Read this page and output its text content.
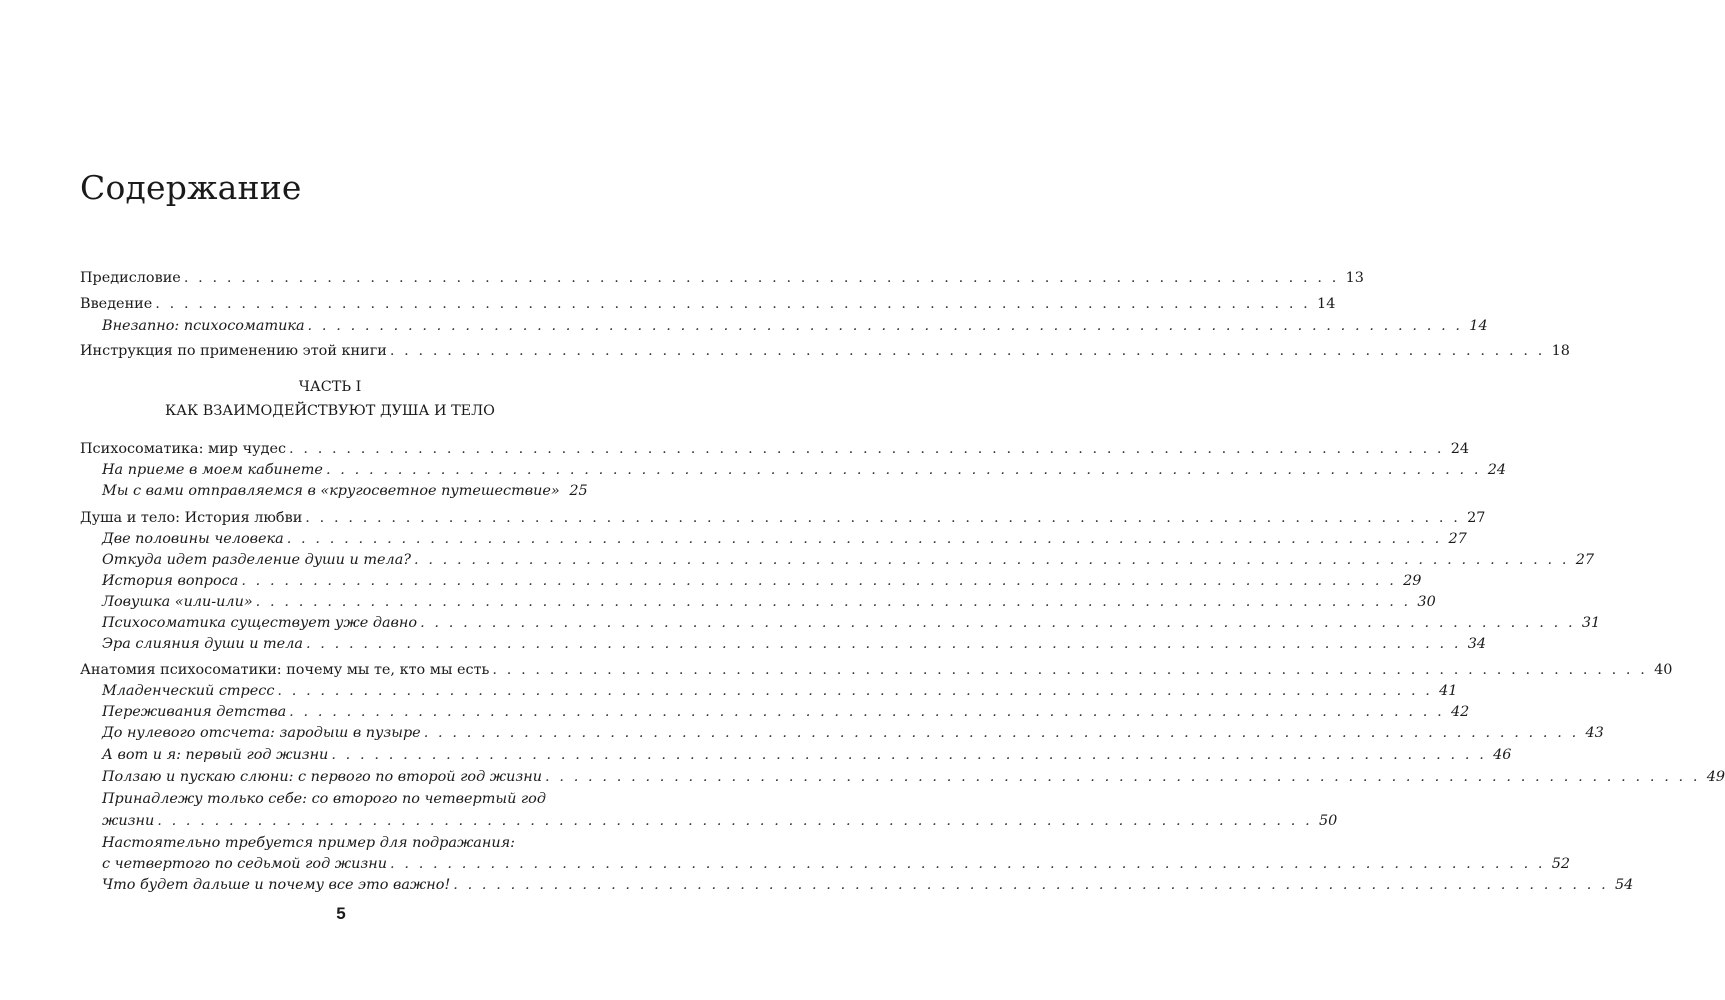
Содержание
Предисловие . . . . . . . . . . . . . . . . . . . . . . . . . . . . . . . . . . . . . . . . . . . . . . . . . . . . . . . . . . . . . . . . . . . . . . . . . . . . . . . . . 13
Введение . . . . . . . . . . . . . . . . . . . . . . . . . . . . . . . . . . . . . . . . . . . . . . . . . . . . . . . . . . . . . . . . . . . . . . . . . . . . . . . . . 14
Внезапно: психосоматика . . . . . . . . . . . . . . . . . . . . . . . . . . . . . . . . . . . . . . . . . . . . . . . . . . . . . . . . . . . . . . . . . . . . . . . . . . . . . . . . . 14
Инструкция по применению этой книги . . . . . . . . . . . . . . . . . . . . . . . . . . . . . . . . . . . . . . . . . . . . . . . . . . . . . . . . . . . . . . . . . . . . . . . . . . . . . . . . . 18
Психосоматика: мир чудес . . . . . . . . . . . . . . . . . . . . . . . . . . . . . . . . . . . . . . . . . . . . . . . . . . . . . . . . . . . . . . . . . . . . . . . . . . . . . . . . . 24
На приеме в моем кабинете . . . . . . . . . . . . . . . . . . . . . . . . . . . . . . . . . . . . . . . . . . . . . . . . . . . . . . . . . . . . . . . . . . . . . . . . . . . . . . . . . 24
Мы с вами отправляемся в «кругосветное путешествие» 25
Душа и тело: История любви . . . . . . . . . . . . . . . . . . . . . . . . . . . . . . . . . . . . . . . . . . . . . . . . . . . . . . . . . . . . . . . . . . . . . . . . . . . . . . . . . 27
Две половины человека . . . . . . . . . . . . . . . . . . . . . . . . . . . . . . . . . . . . . . . . . . . . . . . . . . . . . . . . . . . . . . . . . . . . . . . . . . . . . . . . . 27
Откуда идет разделение души и тела? . . . . . . . . . . . . . . . . . . . . . . . . . . . . . . . . . . . . . . . . . . . . . . . . . . . . . . . . . . . . . . . . . . . . . . . . . . . . . . . . . 27
История вопроса . . . . . . . . . . . . . . . . . . . . . . . . . . . . . . . . . . . . . . . . . . . . . . . . . . . . . . . . . . . . . . . . . . . . . . . . . . . . . . . . . 29
Ловушка «или-или» . . . . . . . . . . . . . . . . . . . . . . . . . . . . . . . . . . . . . . . . . . . . . . . . . . . . . . . . . . . . . . . . . . . . . . . . . . . . . . . . . 30
Психосоматика существует уже давно . . . . . . . . . . . . . . . . . . . . . . . . . . . . . . . . . . . . . . . . . . . . . . . . . . . . . . . . . . . . . . . . . . . . . . . . . . . . . . . . . 31
Эра слияния души и тела . . . . . . . . . . . . . . . . . . . . . . . . . . . . . . . . . . . . . . . . . . . . . . . . . . . . . . . . . . . . . . . . . . . . . . . . . . . . . . . . . 34
Анатомия психосоматики: почему мы те, кто мы есть . . . . . . . . . . . . . . . . . . . . . . . . . . . . . . . . . . . . . . . . . . . . . . . . . . . . . . . . . . . . . . . . . . . . . . . . . . . . . . . . . 40
Младенческий стресс . . . . . . . . . . . . . . . . . . . . . . . . . . . . . . . . . . . . . . . . . . . . . . . . . . . . . . . . . . . . . . . . . . . . . . . . . . . . . . . . . 41
Переживания детства . . . . . . . . . . . . . . . . . . . . . . . . . . . . . . . . . . . . . . . . . . . . . . . . . . . . . . . . . . . . . . . . . . . . . . . . . . . . . . . . . 42
До нулевого отсчета: зародыш в пузыре . . . . . . . . . . . . . . . . . . . . . . . . . . . . . . . . . . . . . . . . . . . . . . . . . . . . . . . . . . . . . . . . . . . . . . . . . . . . . . . . . 43
А вот и я: первый год жизни . . . . . . . . . . . . . . . . . . . . . . . . . . . . . . . . . . . . . . . . . . . . . . . . . . . . . . . . . . . . . . . . . . . . . . . . . . . . . . . . . 46
Ползаю и пускаю слюни: с первого по второй год жизни . . . . . . . . . . . . . . . . . . . . . . . . . . . . . . . . . . . . . . . . . . . . . . . . . . . . . . . . . . . . . . . . . . . . . . . . . . . . . . . . . 49
Принадлежу только себе: со второго по четвертый год
жизни . . . . . . . . . . . . . . . . . . . . . . . . . . . . . . . . . . . . . . . . . . . . . . . . . . . . . . . . . . . . . . . . . . . . . . . . . . . . . . . . . 50
Настоятельно требуется пример для подражания:
с четвертого по седьмой год жизни . . . . . . . . . . . . . . . . . . . . . . . . . . . . . . . . . . . . . . . . . . . . . . . . . . . . . . . . . . . . . . . . . . . . . . . . . . . . . . . . . 52
Что будет дальше и почему все это важно! . . . . . . . . . . . . . . . . . . . . . . . . . . . . . . . . . . . . . . . . . . . . . . . . . . . . . . . . . . . . . . . . . . . . . . . . . . . . . . . . . 54

ЧАСТЬ I

КАК ВЗАИМОДЕЙСТВУЮТ ДУША И ТЕЛО

5
